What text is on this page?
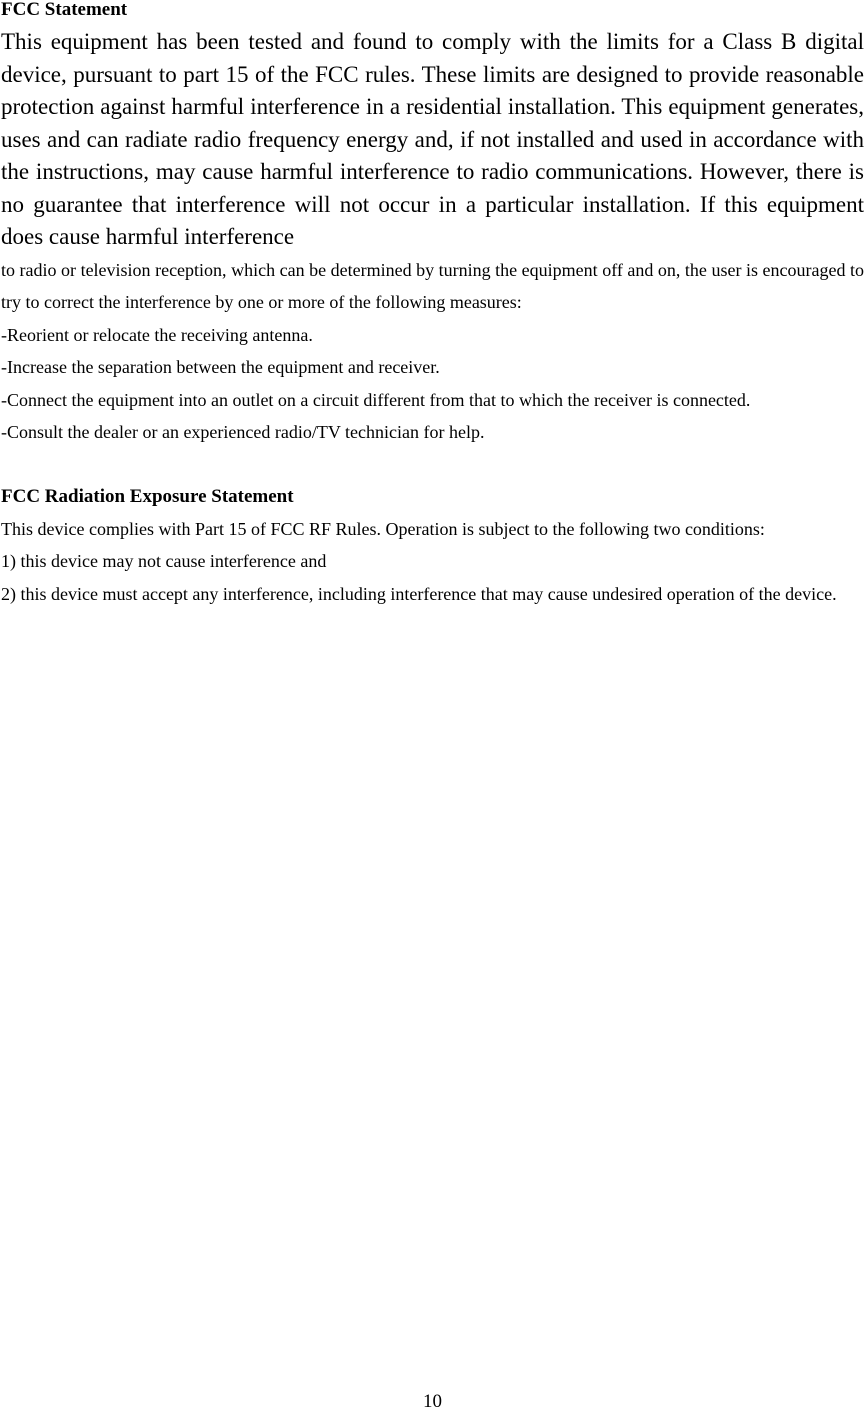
FCC Statement

This equipment has been tested and found to comply with the limits for a Class B digital device, pursuant to part 15 of the FCC rules. These limits are designed to provide reasonable protection against harmful interference in a residential installation. This equipment generates, uses and can radiate radio frequency energy and, if not installed and used in accordance with the instructions, may cause harmful interference to radio communications. However, there is no guarantee that interference will not occur in a particular installation. If this equipment does cause harmful interference

to radio or television reception, which can be determined by turning the equipment off and on, the user is encouraged to try to correct the interference by one or more of the following measures:

-Reorient or relocate the receiving antenna.

-Increase the separation between the equipment and receiver.

-Connect the equipment into an outlet on a circuit different from that to which the receiver is connected.

-Consult the dealer or an experienced radio/TV technician for help.

FCC Radiation Exposure Statement

This device complies with Part 15 of FCC RF Rules. Operation is subject to the following two conditions:

1) this device may not cause interference and
2) this device must accept any interference, including interference that may cause undesired operation of the device.
10
